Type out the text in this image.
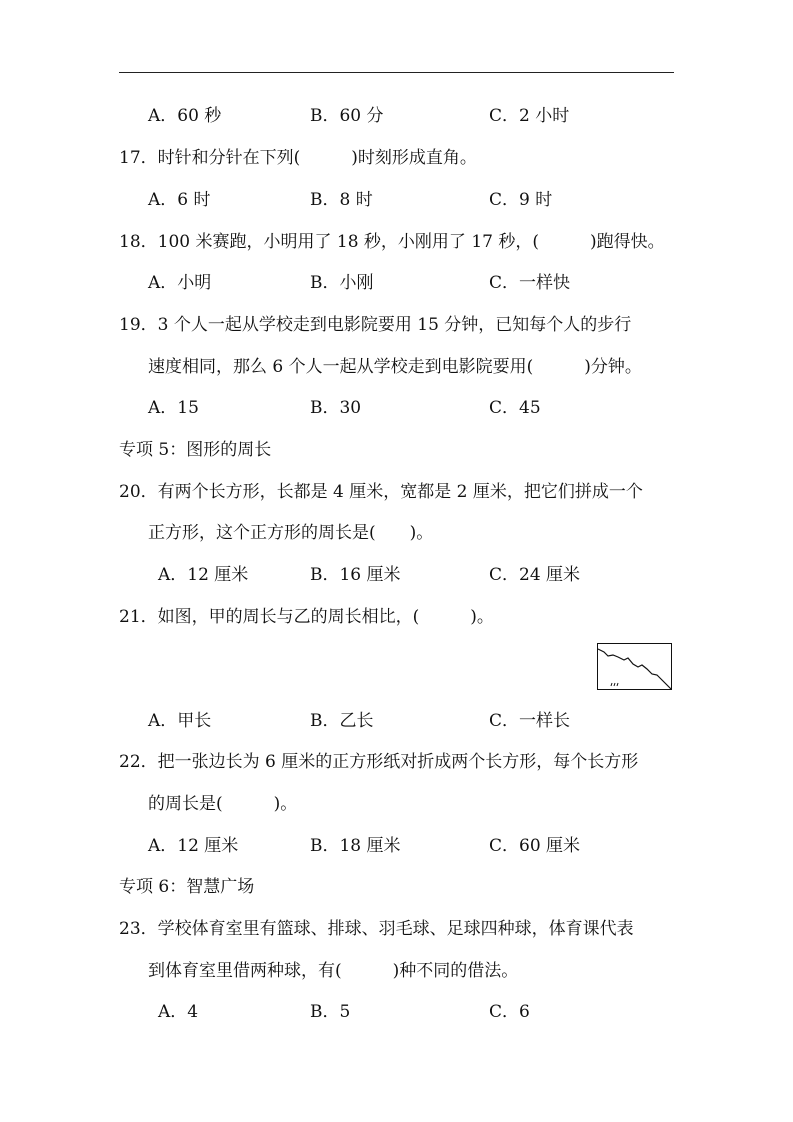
A．60 秒	B．60 分	C．2 小时
17．时针和分针在下列(　　　)时刻形成直角。
A．6 时	B．8 时	C．9 时
18．100 米赛跑，小明用了 18 秒，小刚用了 17 秒，(　　　)跑得快。
A．小明	B．小刚	C．一样快
19．3 个人一起从学校走到电影院要用 15 分钟，已知每个人的步行
速度相同，那么 6 个人一起从学校走到电影院要用(　　　)分钟。
A．15	B．30	C．45
专项 5：图形的周长
20．有两个长方形，长都是 4 厘米，宽都是 2 厘米，把它们拼成一个
正方形，这个正方形的周长是(　　)。
A．12 厘米	B．16 厘米	C．24 厘米
21．如图，甲的周长与乙的周长相比，(　　　)。
A．甲长	B．乙长	C．一样长
22．把一张边长为 6 厘米的正方形纸对折成两个长方形，每个长方形
的周长是(　　　)。
A．12 厘米	B．18 厘米	C．60 厘米
专项 6：智慧广场
23．学校体育室里有篮球、排球、羽毛球、足球四种球，体育课代表
到体育室里借两种球，有(　　　)种不同的借法。
A．4	B．5	C．6
